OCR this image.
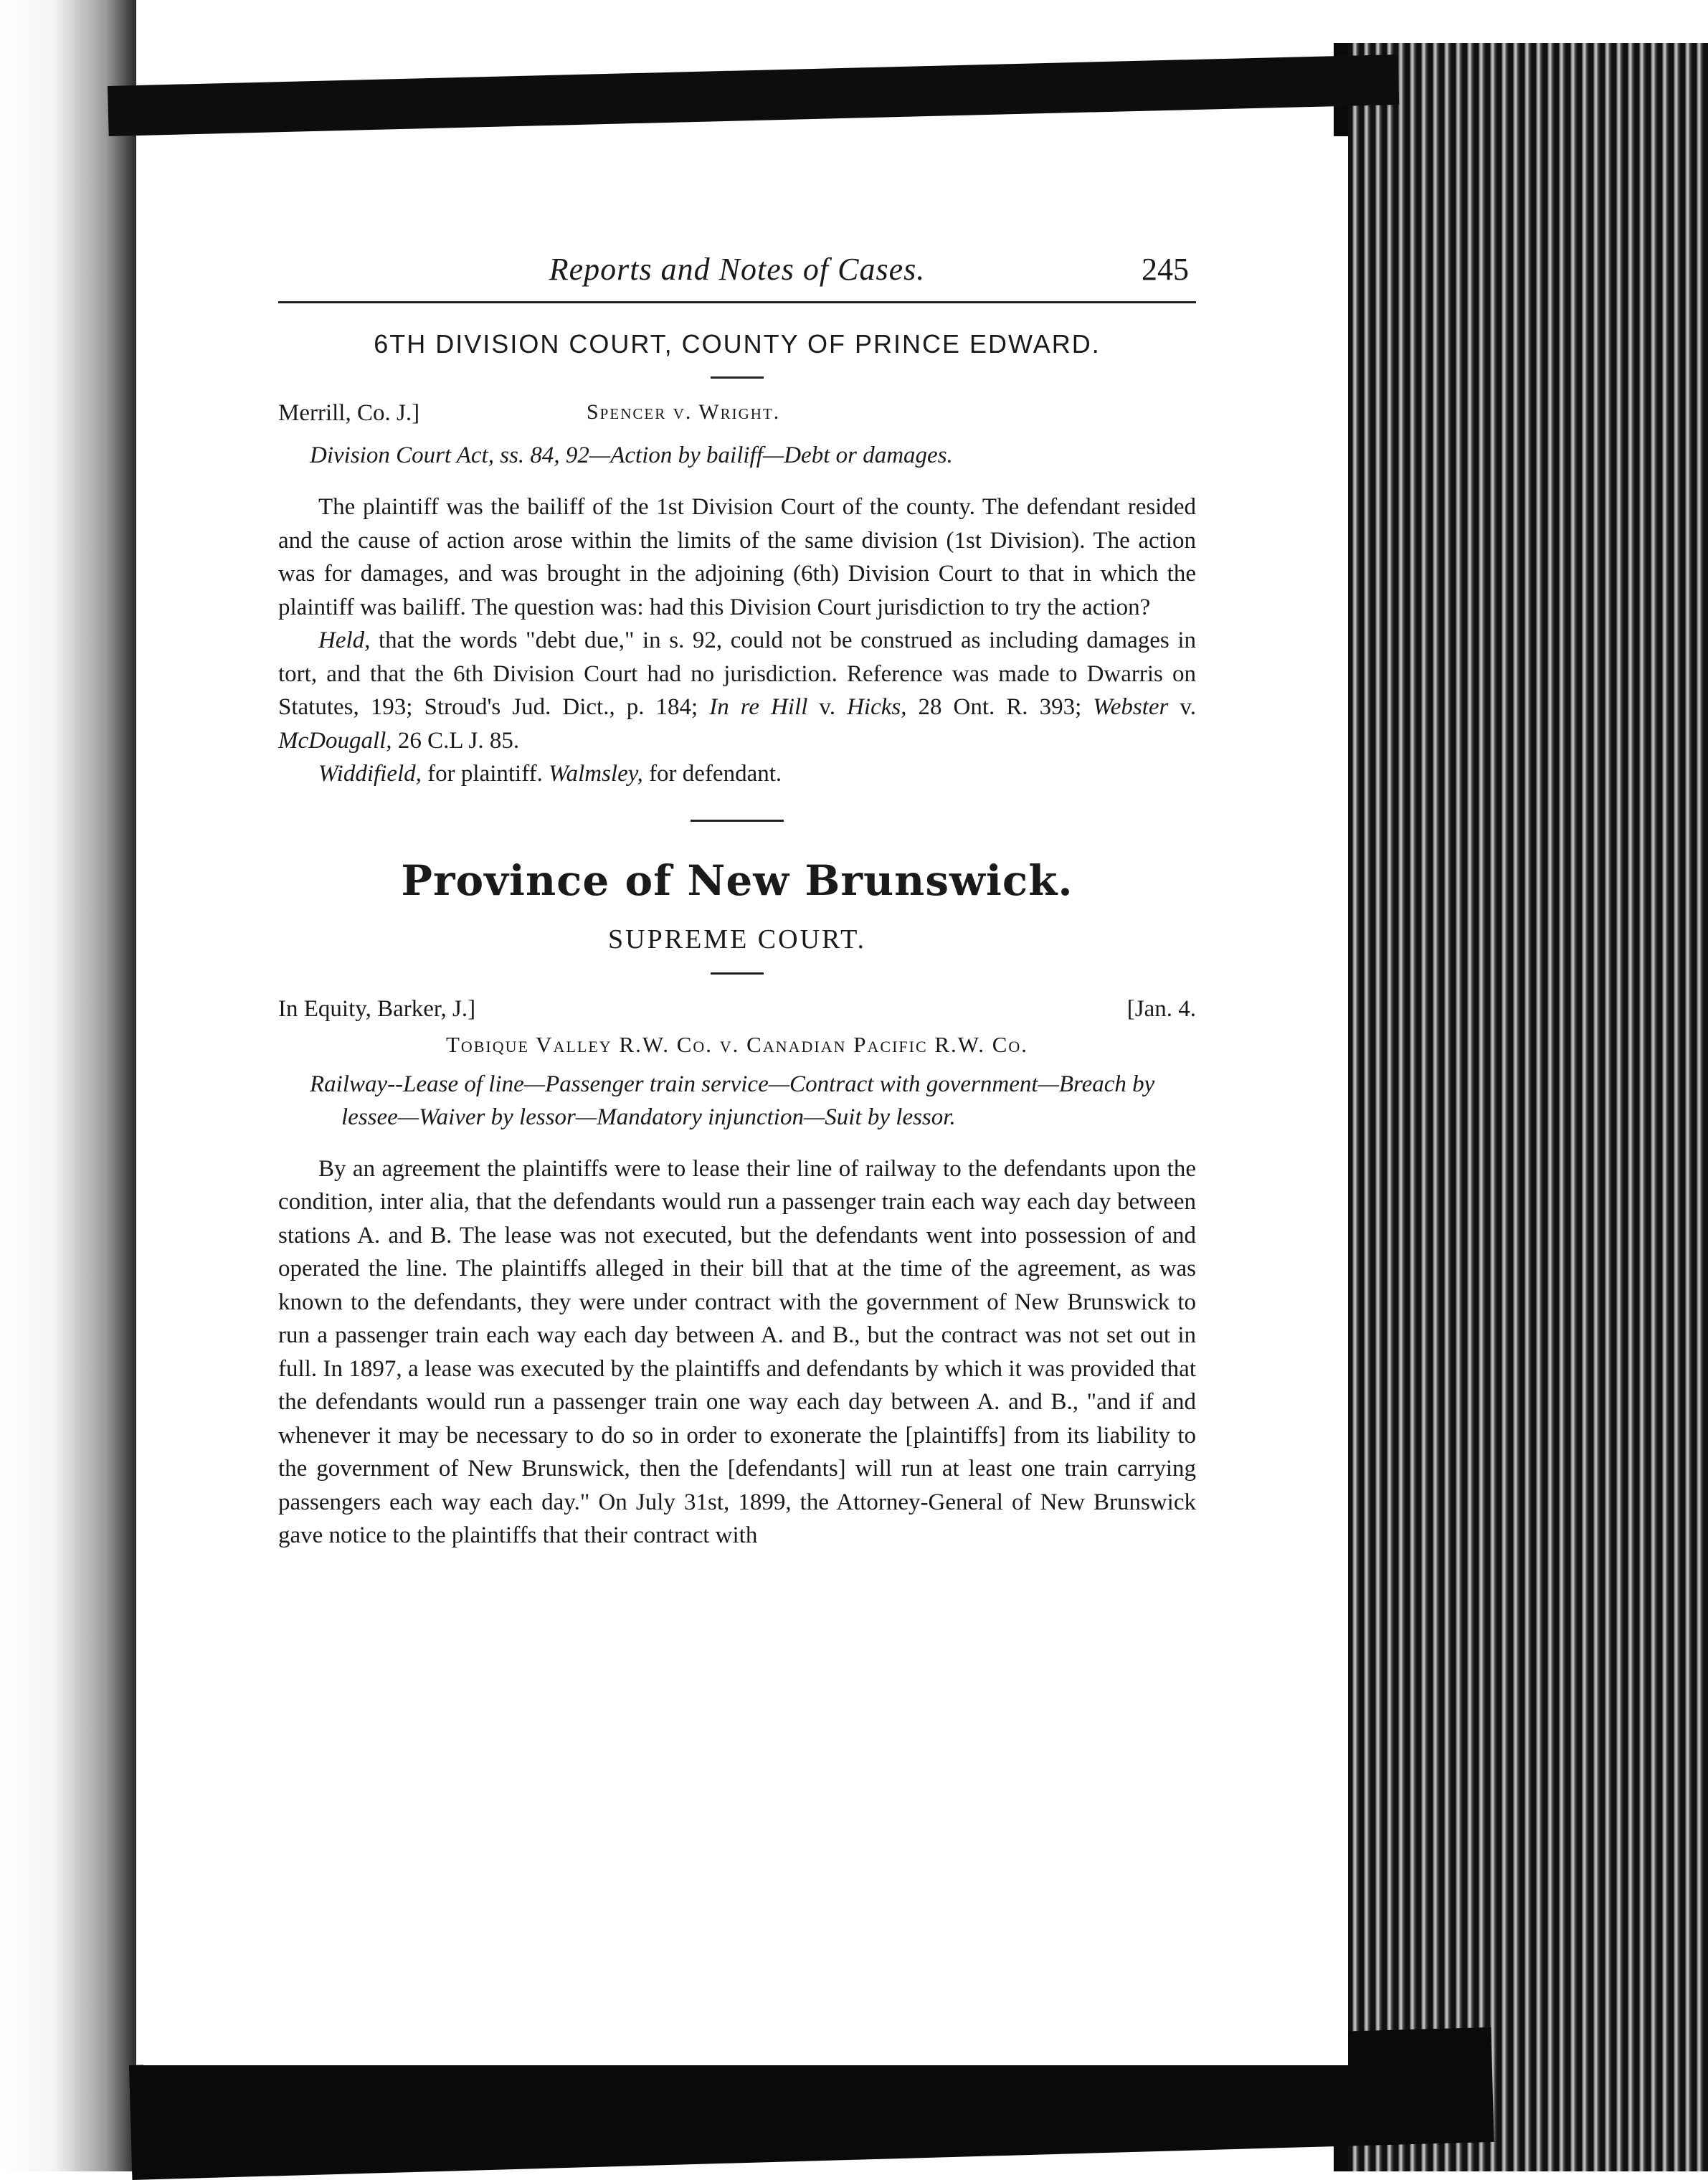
Reports and Notes of Cases.	245
6TH DIVISION COURT, COUNTY OF PRINCE EDWARD.
Merrill, Co. J.]	Spencer v. Wright.
Division Court Act, ss. 84, 92—Action by bailiff—Debt or damages.

The plaintiff was the bailiff of the 1st Division Court of the county. The defendant resided and the cause of action arose within the limits of the same division (1st Division). The action was for damages, and was brought in the adjoining (6th) Division Court to that in which the plaintiff was bailiff. The question was: had this Division Court jurisdiction to try the action?

Held, that the words "debt due," in s. 92, could not be construed as including damages in tort, and that the 6th Division Court had no jurisdiction. Reference was made to Dwarris on Statutes, 193; Stroud's Jud. Dict., p. 184; In re Hill v. Hicks, 28 Ont. R. 393; Webster v. McDougall, 26 C.L J. 85.

Widdifield, for plaintiff. Walmsley, for defendant.

Province of New Brunswick.
SUPREME COURT.
In Equity, Barker, J.]	[Jan. 4.
Tobique Valley R.W. Co. v. Canadian Pacific R.W. Co.
Railway--Lease of line—Passenger train service—Contract with government—Breach by lessee—Waiver by lessor—Mandatory injunction—Suit by lessor.

By an agreement the plaintiffs were to lease their line of railway to the defendants upon the condition, inter alia, that the defendants would run a passenger train each way each day between stations A. and B. The lease was not executed, but the defendants went into possession of and operated the line. The plaintiffs alleged in their bill that at the time of the agreement, as was known to the defendants, they were under contract with the government of New Brunswick to run a passenger train each way each day between A. and B., but the contract was not set out in full. In 1897, a lease was executed by the plaintiffs and defendants by which it was provided that the defendants would run a passenger train one way each day between A. and B., "and if and whenever it may be necessary to do so in order to exonerate the [plaintiffs] from its liability to the government of New Brunswick, then the [defendants] will run at least one train carrying passengers each way each day." On July 31st, 1899, the Attorney-General of New Brunswick gave notice to the plaintiffs that their contract with
